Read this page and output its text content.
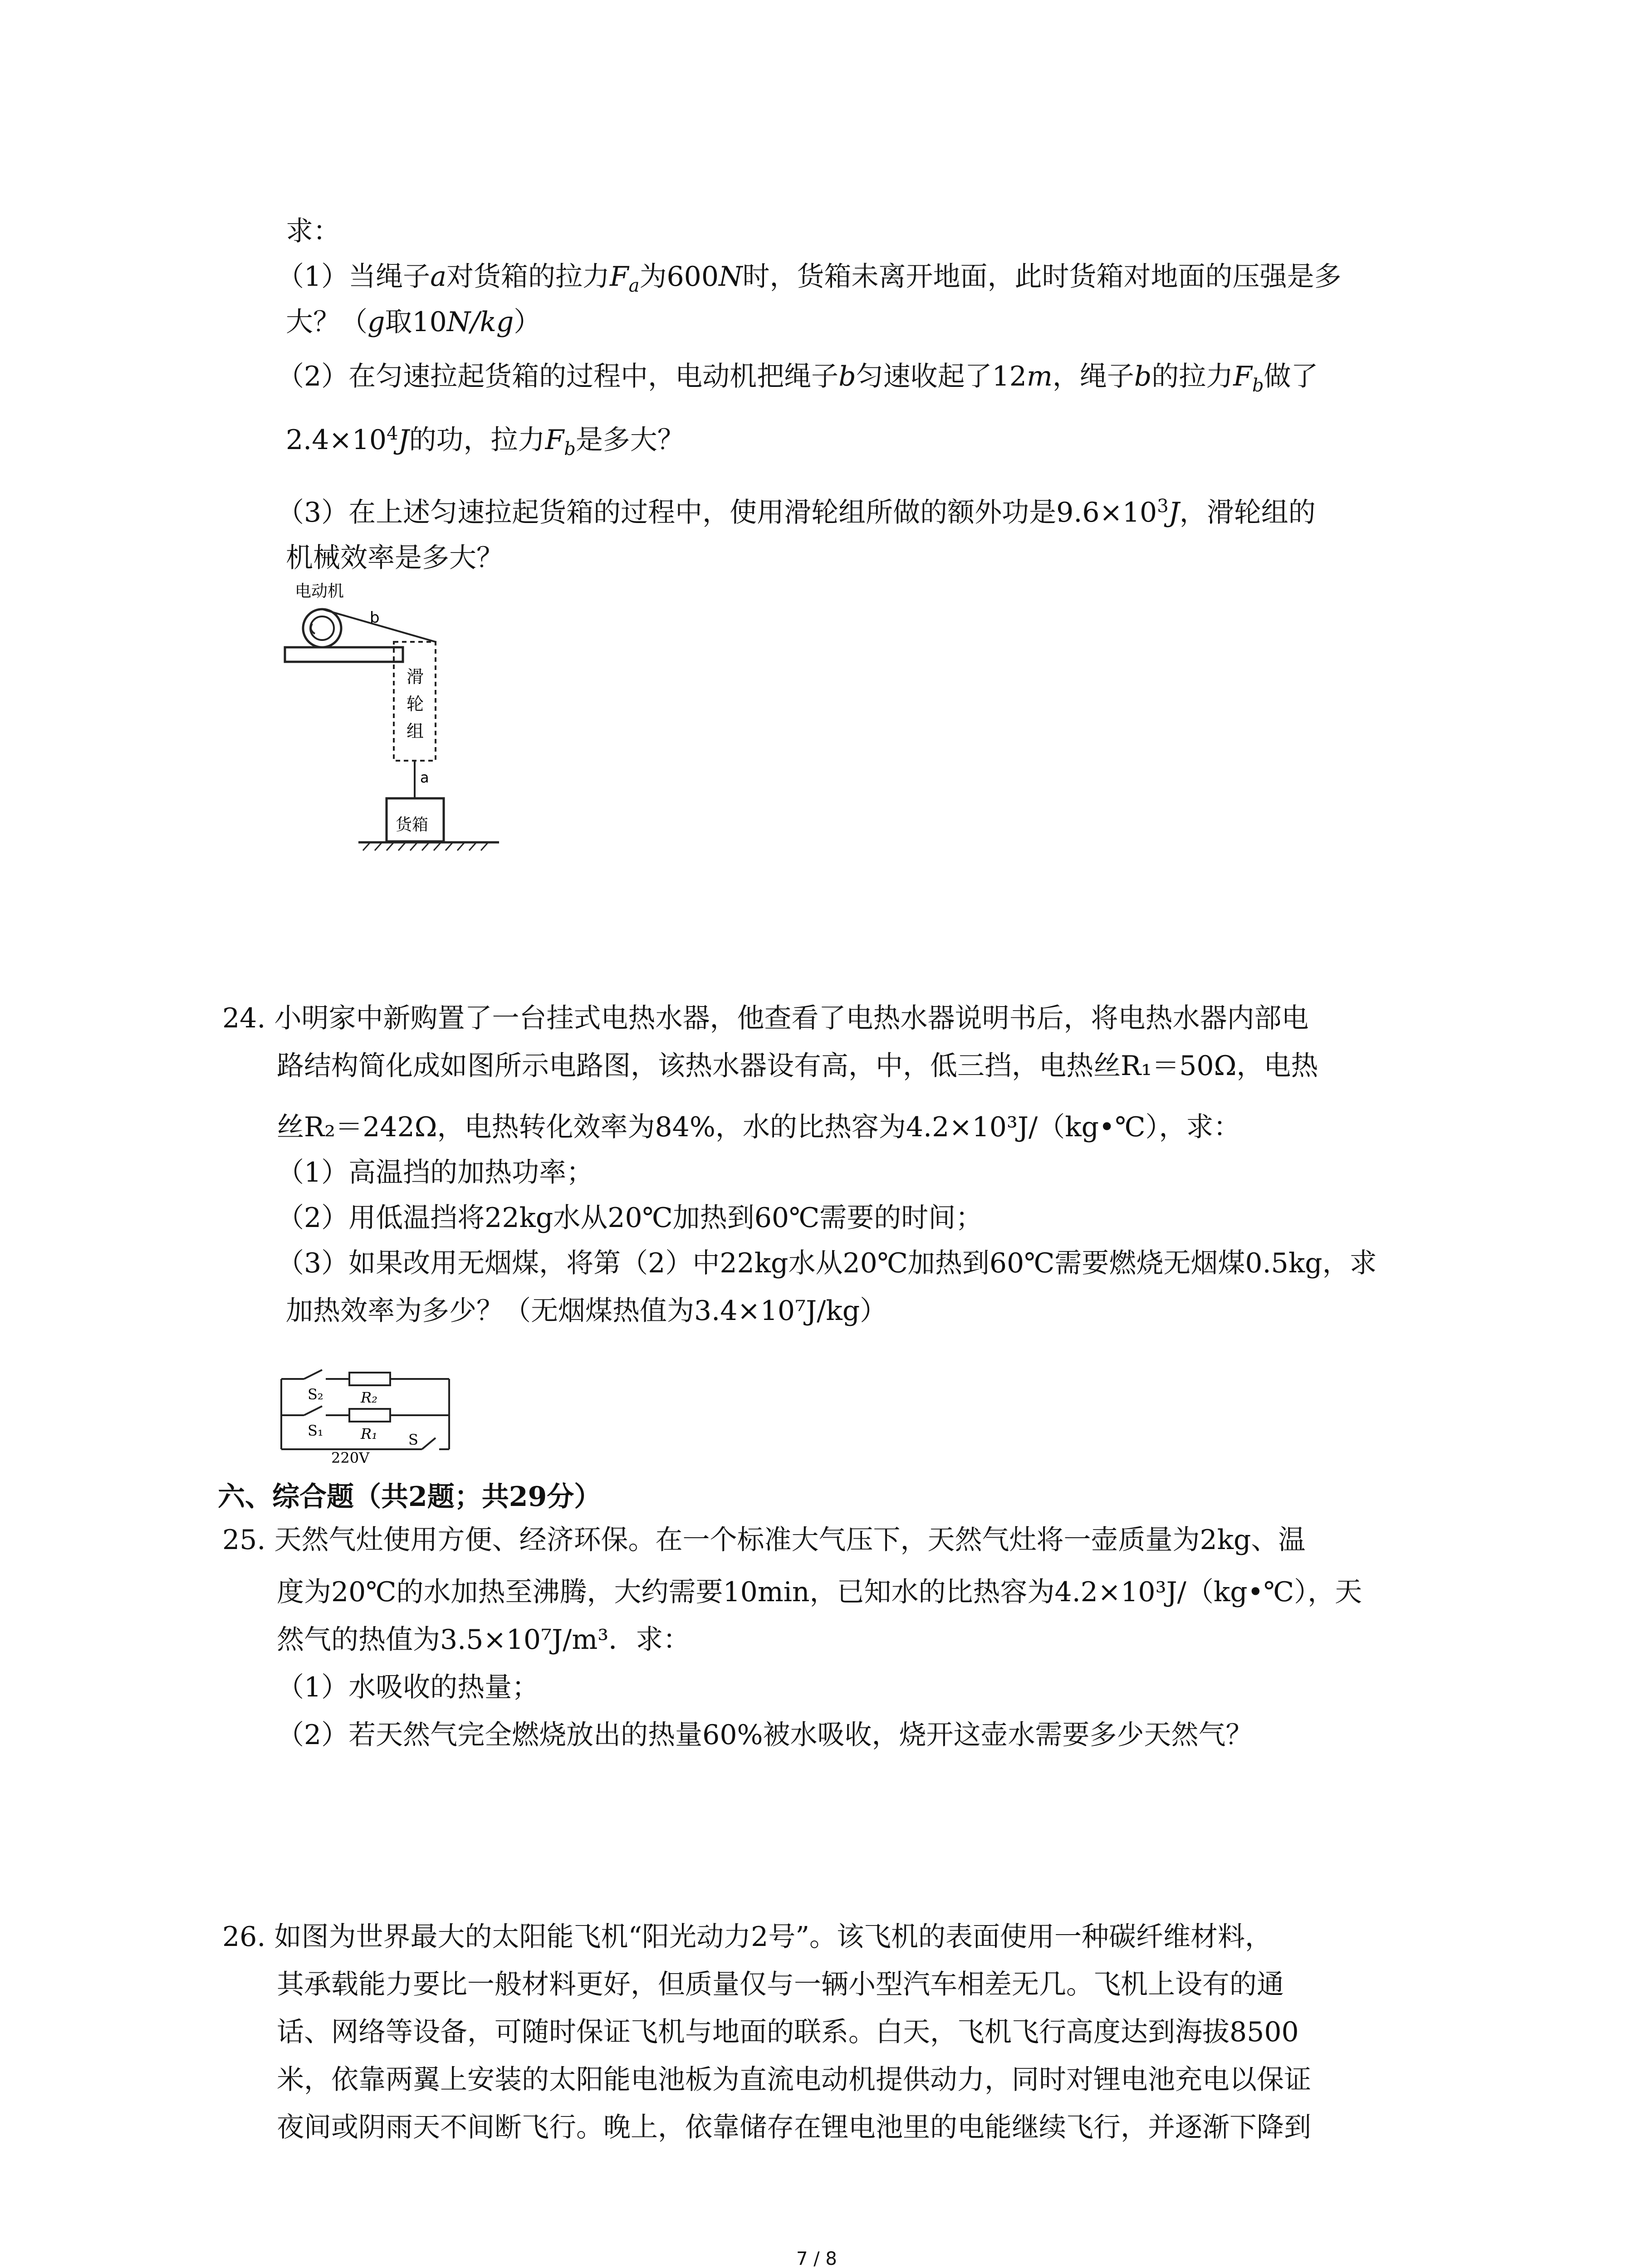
求：
（1）当绳子a对货箱的拉力$F_a$为600N时，货箱未离开地面，此时货箱对地面的压强是多
大？（g取10N/kg）
（2）在匀速拉起货箱的过程中，电动机把绳子b匀速收起了12m，绳子b的拉力$F_b$做了
$2.4\times 10^4J$的功，拉力$F_b$是多大？
（3）在上述匀速拉起货箱的过程中，使用滑轮组所做的额外功是$9.6\times 10^3J$，滑轮组的
机械效率是多大？
电动机
b
滑
轮
组
a
货箱
24. 小明家中新购置了一台挂式电热水器，他查看了电热水器说明书后，将电热水器内部电
路结构简化成如图所示电路图，该热水器设有高，中，低三挡，电热丝R₁＝50Ω，电热
丝R₂＝242Ω，电热转化效率为84%，水的比热容为4.2×10³J/（kg•℃），求：
（1）高温挡的加热功率；
（2）用低温挡将22kg水从20℃加热到60℃需要的时间；
（3）如果改用无烟煤，将第（2）中22kg水从20℃加热到60℃需要燃烧无烟煤0.5kg，求
加热效率为多少？（无烟煤热值为3.4×10⁷J/kg）
S₂	R₂
S₁	R₁
220V
S
六、综合题（共2题；共29分）
25. 天然气灶使用方便、经济环保。在一个标准大气压下，天然气灶将一壶质量为2kg、温
度为20℃的水加热至沸腾，大约需要10min，已知水的比热容为4.2×10³J/（kg•℃），天
然气的热值为3.5×10⁷J/m³．求：
（1）水吸收的热量；
（2）若天然气完全燃烧放出的热量60%被水吸收，烧开这壶水需要多少天然气？
26. 如图为世界最大的太阳能飞机“阳光动力2号”。该飞机的表面使用一种碳纤维材料，
其承载能力要比一般材料更好，但质量仅与一辆小型汽车相差无几。飞机上设有的通
话、网络等设备，可随时保证飞机与地面的联系。白天，飞机飞行高度达到海拔8500
米，依靠两翼上安装的太阳能电池板为直流电动机提供动力，同时对锂电池充电以保证
夜间或阴雨天不间断飞行。晚上，依靠储存在锂电池里的电能继续飞行，并逐渐下降到
7 / 8
